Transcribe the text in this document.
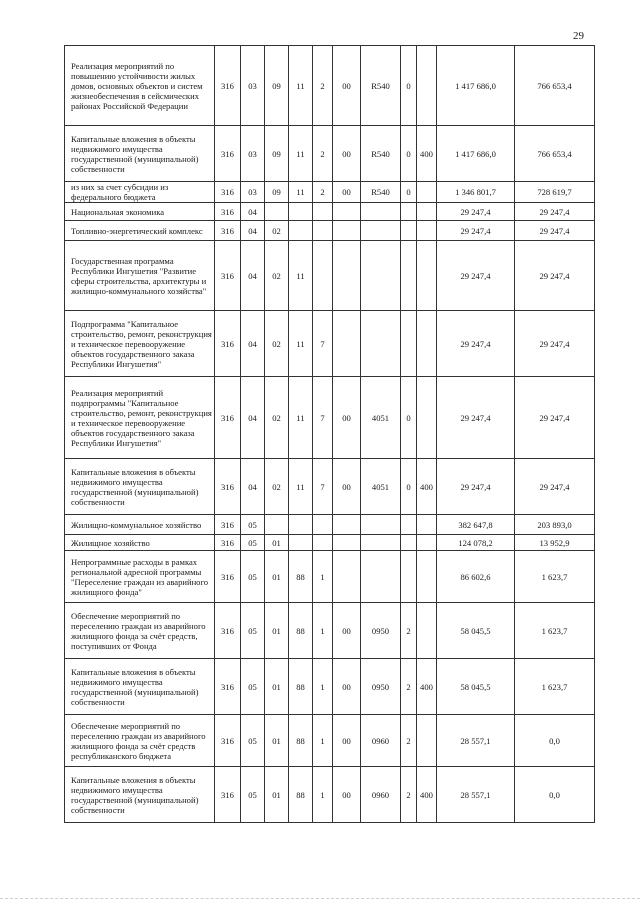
29
Реализация мероприятий по повышению устойчивости жилых домов, основных объектов и систем жизнеобеспечения в сейсмических районах Российской Федерации	316	03	09	11	2	00	R540	0		1 417 686,0	766 653,4
Капитальные вложения в объекты недвижимого имущества государственной (муниципальной) собственности	316	03	09	11	2	00	R540	0	400	1 417 686,0	766 653,4
из них за счет субсидии из федерального бюджета	316	03	09	11	2	00	R540	0		1 346 801,7	728 619,7
Национальная экономика	316	04								29 247,4	29 247,4
Топливно-энергетический комплекс	316	04	02							29 247,4	29 247,4
Государственная программа Республики Ингушетия "Развитие сферы строительства, архитектуры и жилищно-коммунального хозяйства"	316	04	02	11						29 247,4	29 247,4
Подпрограмма "Капитальное строительство, ремонт, реконструкция и техническое перевооружение объектов государственного заказа Республики Ингушетия"	316	04	02	11	7					29 247,4	29 247,4
Реализация мероприятий подпрограммы "Капитальное строительство, ремонт, реконструкция и техническое перевооружение объектов государственного заказа Республики Ингушетия"	316	04	02	11	7	00	4051	0		29 247,4	29 247,4
Капитальные вложения в объекты недвижимого имущества государственной (муниципальной) собственности	316	04	02	11	7	00	4051	0	400	29 247,4	29 247,4
Жилищно-коммунальное хозяйство	316	05								382 647,8	203 893,0
Жилищное хозяйство	316	05	01							124 078,2	13 952,9
Непрограммные расходы в рамках региональной адресной программы "Переселение граждан из аварийного жилищного фонда"	316	05	01	88	1					86 602,6	1 623,7
Обеспечение мероприятий по переселению граждан из аварийного жилищного фонда за счёт средств, поступивших от Фонда	316	05	01	88	1	00	0950	2		58 045,5	1 623,7
Капитальные вложения в объекты недвижимого имущества государственной (муниципальной) собственности	316	05	01	88	1	00	0950	2	400	58 045,5	1 623,7
Обеспечение мероприятий по переселению граждан из аварийного жилищного фонда за счёт средств республиканского бюджета	316	05	01	88	1	00	0960	2		28 557,1	0,0
Капитальные вложения в объекты недвижимого имущества государственной (муниципальной) собственности	316	05	01	88	1	00	0960	2	400	28 557,1	0,0
